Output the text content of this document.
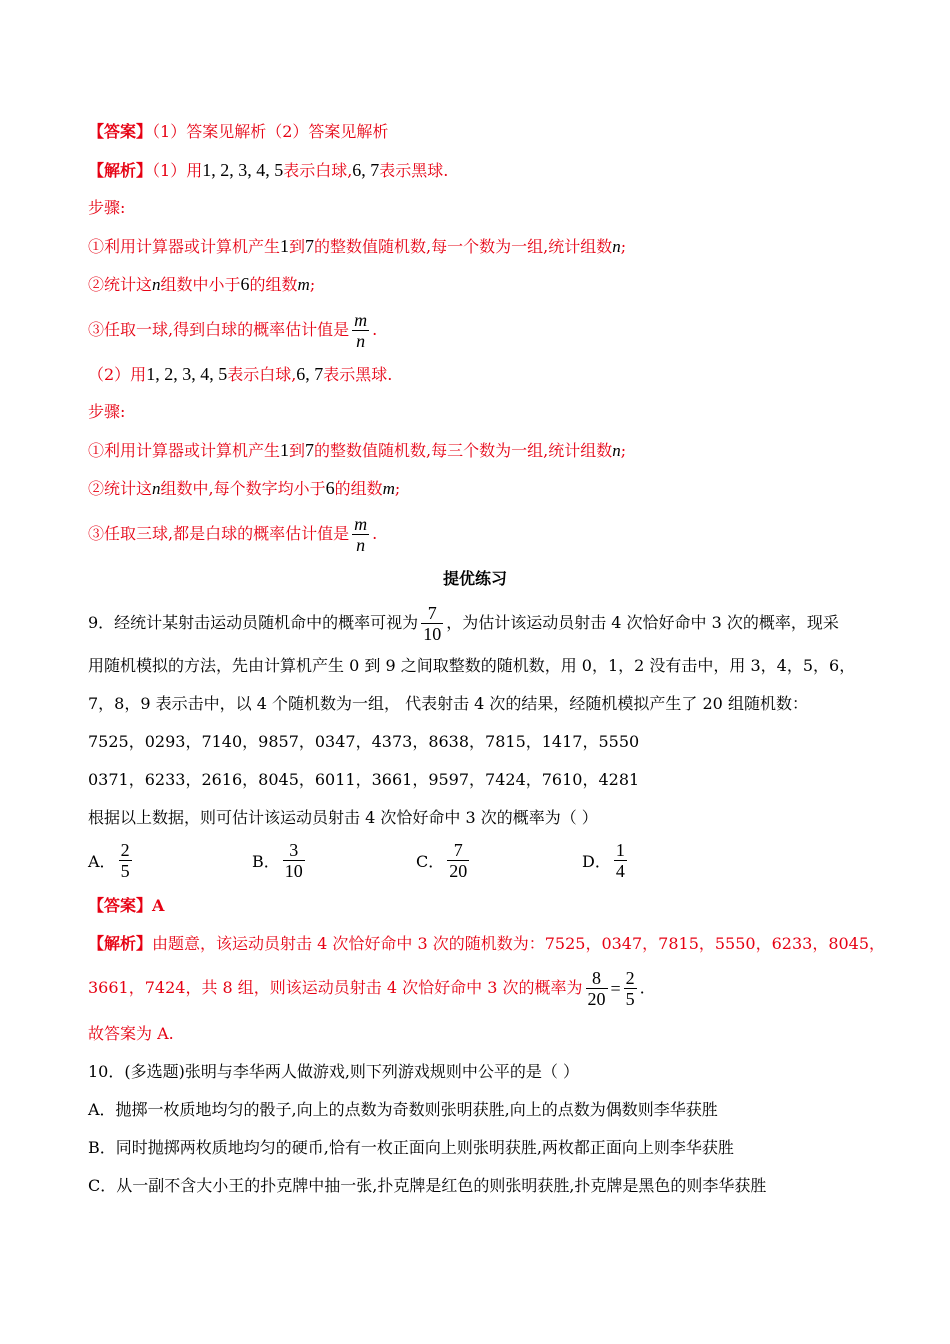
【答案】（1）答案见解析（2）答案见解析
【解析】（1）用1, 2, 3, 4, 5表示白球,6, 7表示黑球.
步骤:
①利用计算器或计算机产生1到7的整数值随机数,每一个数为一组,统计组数n;
②统计这n组数中小于6的组数m;
③任取一球,得到白球的概率估计值是 $\frac{m}{n}$ .
（2）用1, 2, 3, 4, 5表示白球,6, 7表示黑球.
步骤:
①利用计算器或计算机产生1到7的整数值随机数,每三个数为一组,统计组数n;
②统计这n组数中,每个数字均小于6的组数m;
③任取三球,都是白球的概率估计值是 $\frac{m}{n}$ .
提优练习
9．经统计某射击运动员随机命中的概率可视为 $\frac{7}{10}$ ，为估计该运动员射击 4 次恰好命中 3 次的概率，现采
用随机模拟的方法，先由计算机产生 0 到 9 之间取整数的随机数，用 0，1，2 没有击中，用 3，4，5，6，
7，8，9 表示击中，以 4 个随机数为一组， 代表射击 4 次的结果，经随机模拟产生了 20 组随机数：
7525，0293，7140，9857，0347，4373，8638，7815，1417，5550
0371，6233，2616，8045，6011，3661，9597，7424，7610，4281
根据以上数据，则可估计该运动员射击 4 次恰好命中 3 次的概率为（ ）
A． $\frac{2}{5}$	B． $\frac{3}{10}$	C． $\frac{7}{20}$	D． $\frac{1}{4}$
【答案】A
【解析】由题意，该运动员射击 4 次恰好命中 3 次的随机数为：7525，0347，7815，5550，6233，8045，
3661，7424，共 8 组，则该运动员射击 4 次恰好命中 3 次的概率为 $\frac{8}{20} = \frac{2}{5}$ .
故答案为 A.
10．(多选题)张明与李华两人做游戏,则下列游戏规则中公平的是（ ）
A．抛掷一枚质地均匀的骰子,向上的点数为奇数则张明获胜,向上的点数为偶数则李华获胜
B．同时抛掷两枚质地均匀的硬币,恰有一枚正面向上则张明获胜,两枚都正面向上则李华获胜
C．从一副不含大小王的扑克牌中抽一张,扑克牌是红色的则张明获胜,扑克牌是黑色的则李华获胜
